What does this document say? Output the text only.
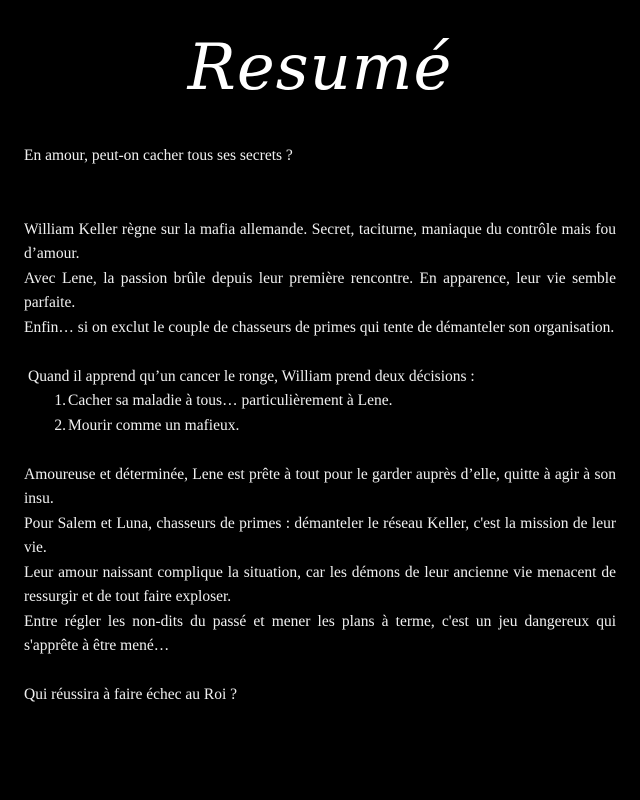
Resumé

En amour, peut-on cacher tous ses secrets ?

William Keller règne sur la mafia allemande. Secret, taciturne, maniaque du contrôle mais fou d’amour.

Avec Lene, la passion brûle depuis leur première rencontre. En apparence, leur vie semble parfaite.

Enfin… si on exclut le couple de chasseurs de primes qui tente de démanteler son organisation.

Quand il apprend qu’un cancer le ronge, William prend deux décisions :

1. Cacher sa maladie à tous… particulièrement à Lene.
2. Mourir comme un mafieux.

Amoureuse et déterminée, Lene est prête à tout pour le garder auprès d’elle, quitte à agir à son insu.

Pour Salem et Luna, chasseurs de primes : démanteler le réseau Keller, c'est la mission de leur vie.

Leur amour naissant complique la situation, car les démons de leur ancienne vie menacent de ressurgir et de tout faire exploser.

Entre régler les non-dits du passé et mener les plans à terme, c'est un jeu dangereux qui s'apprête à être mené…

Qui réussira à faire échec au Roi ?
